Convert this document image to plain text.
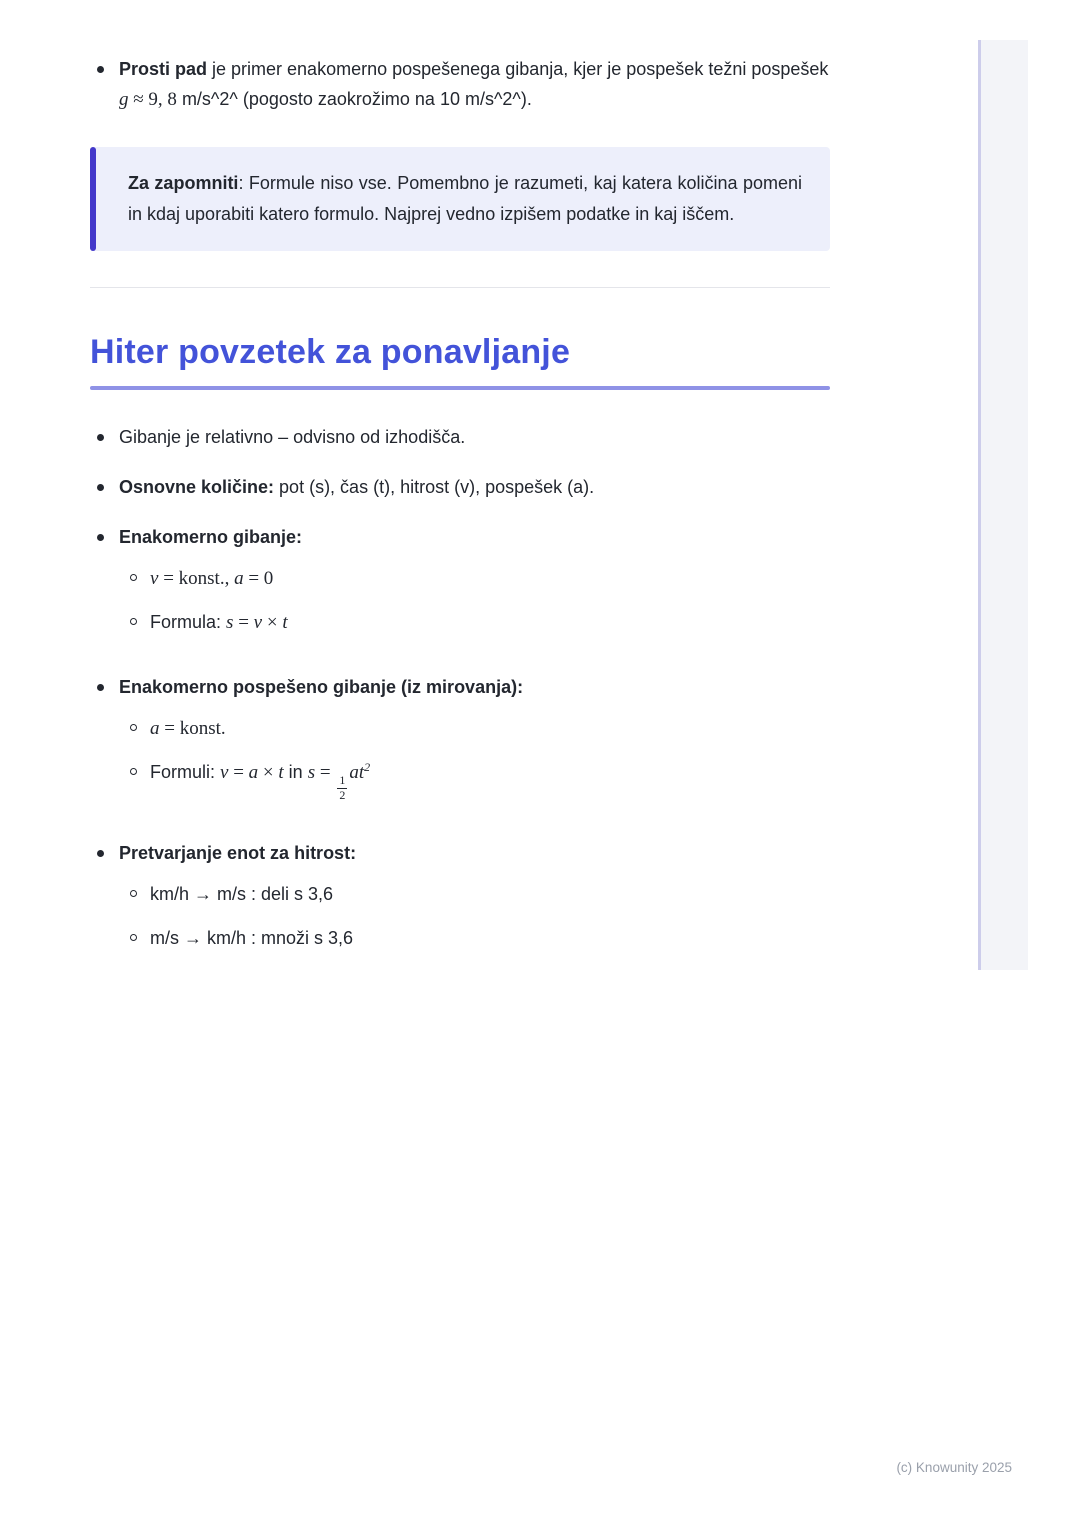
Prosti pad je primer enakomerno pospešenega gibanja, kjer je pospešek težni pospešek g ≈ 9, 8 m/s^2^ (pogosto zaokrožimo na 10 m/s^2^).

Za zapomniti: Formule niso vse. Pomembno je razumeti, kaj katera količina pomeni in kdaj uporabiti katero formulo. Najprej vedno izpišem podatke in kaj iščem.

Hiter povzetek za ponavljanje
Gibanje je relativno – odvisno od izhodišča.
Osnovne količine: pot (s), čas (t), hitrost (v), pospešek (a).
Enakomerno gibanje:
v = konst., a = 0
Formula: s = v × t
Enakomerno pospešeno gibanje (iz mirovanja):
a = konst.
Formuli: v = a × t in s =
$\frac{1}{2}$
$at^2$
Pretvarjanje enot za hitrost:
km/h → m/s : deli s 3,6
m/s → km/h : množi s 3,6
(c) Knowunity 2025
